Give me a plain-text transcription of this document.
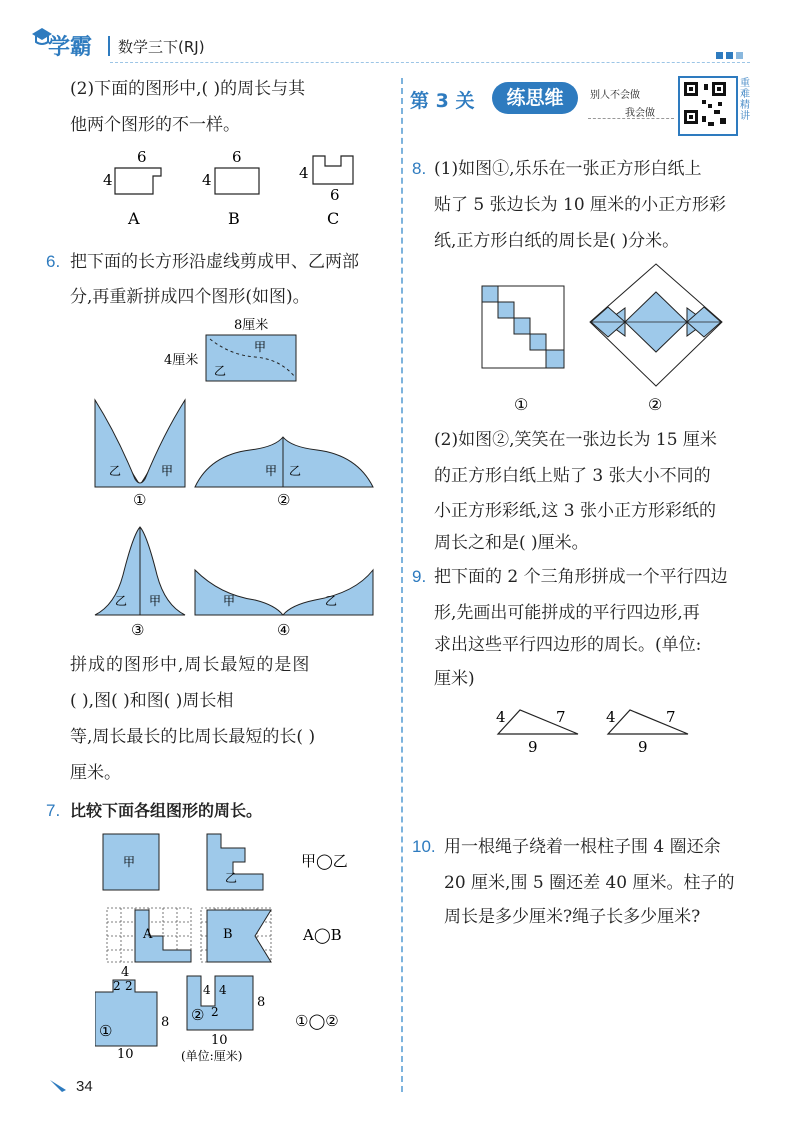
学霸 数学三下(RJ)
(2)下面的图形中,( )的周长与其
他两个图形的不一样。
6
4
A
6
4
B
4
6
C
6. 把下面的长方形沿虚线剪成甲、乙两部
分,再重新拼成四个图形(如图)。
8厘米
4厘米
甲
乙
乙	甲
①
甲 乙
②
乙 甲
③
甲	乙
④
拼成的图形中,周长最短的是图
( ),图( )和图( )周长相
等,周长最长的比周长最短的长( )
厘米。
7. 比较下面各组图形的周长。
甲
乙
甲◯乙
A	B	A◯B
4
2 2
8
10
①
4 4
2
8
10
②
(单位:厘米)
①◯②
34
第 3 关	练思维	别人不会做
我会做
重难精讲
8. (1)如图①,乐乐在一张正方形白纸上
贴了 5 张边长为 10 厘米的小正方形彩
纸,正方形白纸的周长是( )分米。
①	②
(2)如图②,笑笑在一张边长为 15 厘米
的正方形白纸上贴了 3 张大小不同的
小正方形彩纸,这 3 张小正方形彩纸的
周长之和是( )厘米。
9. 把下面的 2 个三角形拼成一个平行四边
形,先画出可能拼成的平行四边形,再
求出这些平行四边形的周长。(单位:
厘米)
4	7
9
4	7
9
10. 用一根绳子绕着一根柱子围 4 圈还余
20 厘米,围 5 圈还差 40 厘米。柱子的
周长是多少厘米?绳子长多少厘米?
